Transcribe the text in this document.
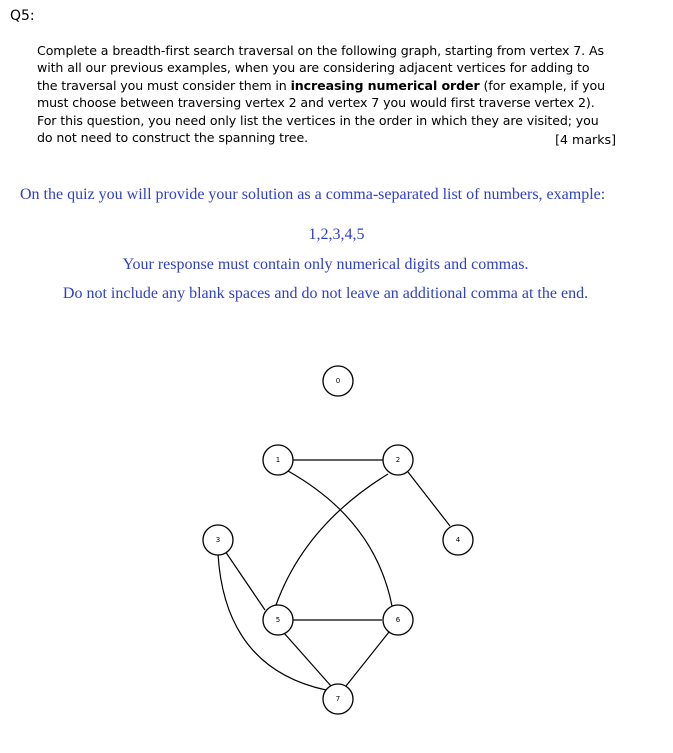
Q5:
Complete a breadth-first search traversal on the following graph, starting from vertex 7. As
with all our previous examples, when you are considering adjacent vertices for adding to
the traversal you must consider them in increasing numerical order (for example, if you
must choose between traversing vertex 2 and vertex 7 you would first traverse vertex 2).
For this question, you need only list the vertices in the order in which they are visited; you
do not need to construct the spanning tree.	[4 marks]
On the quiz you will provide your solution as a comma-separated list of numbers, example:
1,2,3,4,5
Your response must contain only numerical digits and commas.
Do not include any blank spaces and do not leave an additional comma at the end.
0
1	2
3	4
5	6
7
